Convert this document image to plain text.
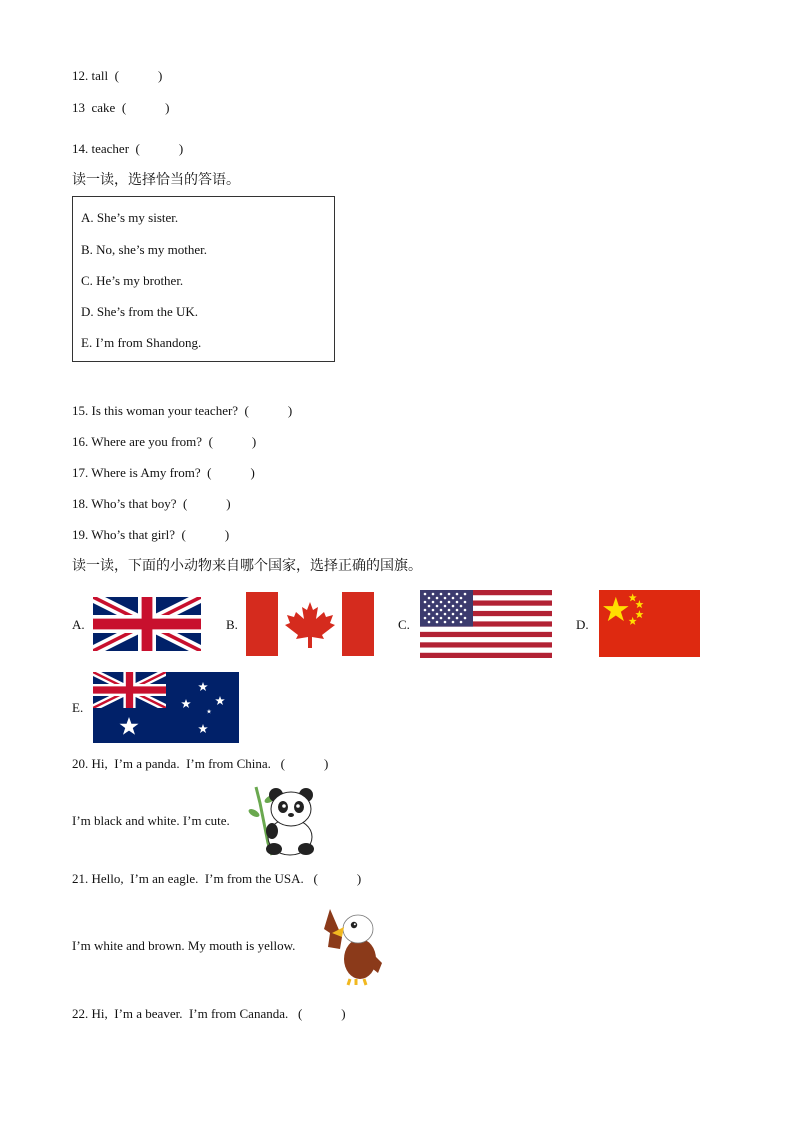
12. tall (            )
13 cake (            )
14. teacher (            )
读一读，选择恰当的答语。
A. She’s my sister.
B. No, she’s my mother.
C. He’s my brother.
D. She’s from the UK.
E. I’m from Shandong.
15. Is this woman your teacher?  (            )
16. Where are you from?  (            )
17. Where is Amy from?  (            )
18. Who’s that boy?  (            )
19. Who’s that girl?  (            )
读一读，下面的小动物来自哪个国家，选择正确的国旗。
A.	B.	C.	D.
E.
20. Hi,  I’m a panda.  I’m from China.   (            )
I’m black and white. I’m cute.
21. Hello,  I’m an eagle.  I’m from the USA.   (            )
I’m white and brown. My mouth is yellow.
22. Hi,  I’m a beaver.  I’m from Cananda.   (            )
